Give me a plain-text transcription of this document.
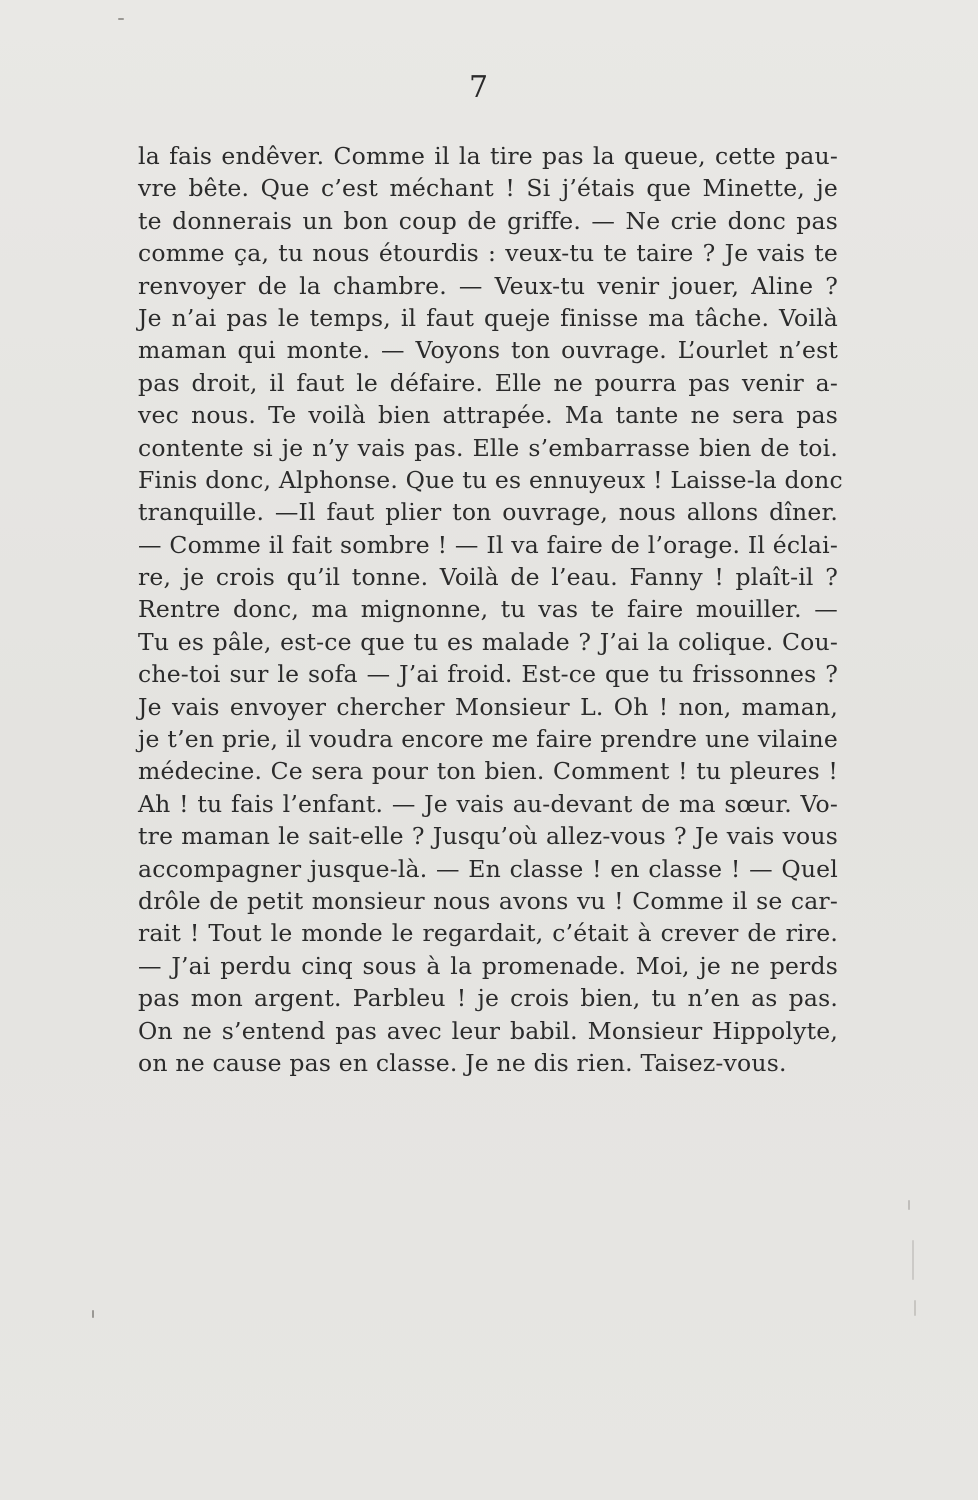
7
la fais endêver. Comme il la tire pas la queue, cette pau-
vre bête. Que c’est méchant ! Si j’étais que Minette, je
te donnerais un bon coup de griffe. — Ne crie donc pas
comme ça, tu nous étourdis : veux-tu te taire ? Je vais te
renvoyer de la chambre. — Veux-tu venir jouer, Aline ?
Je n’ai pas le temps, il faut queje finisse ma tâche. Voilà
maman qui monte. — Voyons ton ouvrage. L’ourlet n’est
pas droit, il faut le défaire. Elle ne pourra pas venir a-
vec nous. Te voilà bien attrapée. Ma tante ne sera pas
contente si je n’y vais pas. Elle s’embarrasse bien de toi.
Finis donc, Alphonse. Que tu es ennuyeux ! Laisse-la donc
tranquille. —Il faut plier ton ouvrage, nous allons dîner.
— Comme il fait sombre ! — Il va faire de l’orage. Il éclai-
re, je crois qu’il tonne. Voilà de l’eau. Fanny ! plaît-il ?
Rentre donc, ma mignonne, tu vas te faire mouiller. —
Tu es pâle, est-ce que tu es malade ? J’ai la colique. Cou-
che-toi sur le sofa — J’ai froid. Est-ce que tu frissonnes ?
Je vais envoyer chercher Monsieur L. Oh ! non, maman,
je t’en prie, il voudra encore me faire prendre une vilaine
médecine. Ce sera pour ton bien. Comment ! tu pleures !
Ah ! tu fais l’enfant. — Je vais au-devant de ma sœur. Vo-
tre maman le sait-elle ? Jusqu’où allez-vous ? Je vais vous
accompagner jusque-là. — En classe ! en classe ! — Quel
drôle de petit monsieur nous avons vu ! Comme il se car-
rait ! Tout le monde le regardait, c’était à crever de rire.
— J’ai perdu cinq sous à la promenade. Moi, je ne perds
pas mon argent. Parbleu ! je crois bien, tu n’en as pas.
On ne s’entend pas avec leur babil. Monsieur Hippolyte,
on ne cause pas en classe. Je ne dis rien. Taisez-vous.
